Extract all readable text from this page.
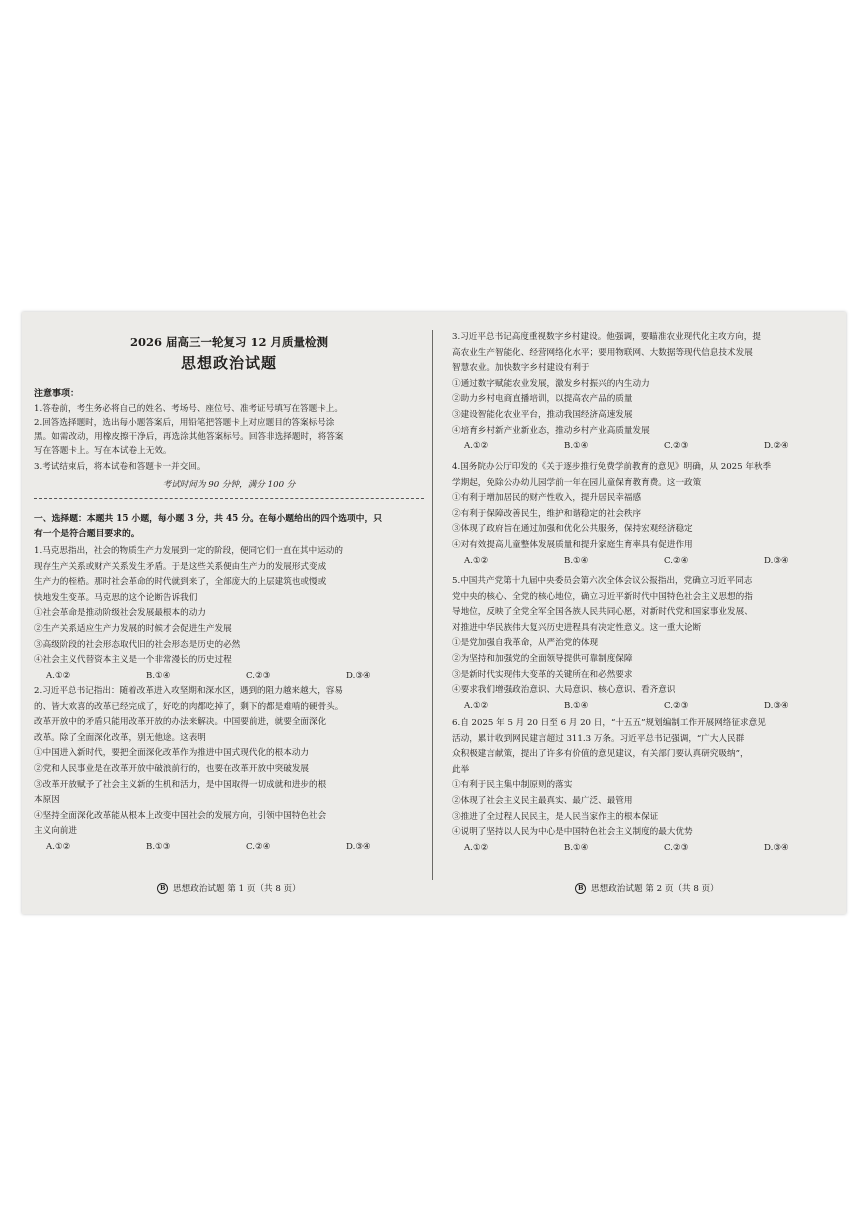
2026 届高三一轮复习 12 月质量检测
思想政治试题
注意事项：
1.答卷前，考生务必将自己的姓名、考场号、座位号、准考证号填写在答题卡上。
2.回答选择题时，选出每小题答案后，用铅笔把答题卡上对应题目的答案标号涂
黑。如需改动，用橡皮擦干净后，再选涂其他答案标号。回答非选择题时，将答案
写在答题卡上。写在本试卷上无效。
3.考试结束后，将本试卷和答题卡一并交回。
考试时间为 90 分钟，满分 100 分
一、选择题：本题共 15 小题，每小题 3 分，共 45 分。在每小题给出的四个选项中，只
有一个是符合题目要求的。

1.马克思指出，社会的物质生产力发展到一定的阶段，便同它们一直在其中运动的

现存生产关系或财产关系发生矛盾。于是这些关系便由生产力的发展形式变成

生产力的桎梏。那时社会革命的时代就到来了，全部庞大的上层建筑也或慢或

快地发生变革。马克思的这个论断告诉我们

①社会革命是推动阶级社会发展最根本的动力

②生产关系适应生产力发展的时候才会促进生产发展

③高级阶段的社会形态取代旧的社会形态是历史的必然

④社会主义代替资本主义是一个非常漫长的历史过程

A.①②	B.①④	C.②③	D.③④

2.习近平总书记指出：随着改革进入攻坚期和深水区，遇到的阻力越来越大，容易

的、皆大欢喜的改革已经完成了，好吃的肉都吃掉了，剩下的都是难啃的硬骨头。

改革开放中的矛盾只能用改革开放的办法来解决。中国要前进，就要全面深化

改革。除了全面深化改革，别无他途。这表明

①中国进入新时代，要把全面深化改革作为推进中国式现代化的根本动力

②党和人民事业是在改革开放中破浪前行的，也要在改革开放中突破发展

③改革开放赋予了社会主义新的生机和活力，是中国取得一切成就和进步的根

本原因

④坚持全面深化改革能从根本上改变中国社会的发展方向，引领中国特色社会

主义向前进

A.①②	B.①③	C.②④	D.③④
B 思想政治试题 第 1 页（共 8 页）

3.习近平总书记高度重视数字乡村建设。他强调，要瞄准农业现代化主攻方向，提

高农业生产智能化、经营网络化水平；要用物联网、大数据等现代信息技术发展

智慧农业。加快数字乡村建设有利于

①通过数字赋能农业发展，激发乡村振兴的内生动力

②助力乡村电商直播培训，以提高农产品的质量

③建设智能化农业平台，推动我国经济高速发展

④培育乡村新产业新业态，推动乡村产业高质量发展

A.①②	B.①④	C.②③	D.②④

4.国务院办公厅印发的《关于逐步推行免费学前教育的意见》明确，从 2025 年秋季

学期起，免除公办幼儿园学前一年在园儿童保育教育费。这一政策

①有利于增加居民的财产性收入，提升居民幸福感

②有利于保障改善民生，维护和谐稳定的社会秩序

③体现了政府旨在通过加强和优化公共服务，保持宏观经济稳定

④对有效提高儿童整体发展质量和提升家庭生育率具有促进作用

A.①②	B.①④	C.②④	D.③④

5.中国共产党第十九届中央委员会第六次全体会议公报指出，党确立习近平同志

党中央的核心、全党的核心地位，确立习近平新时代中国特色社会主义思想的指

导地位，反映了全党全军全国各族人民共同心愿，对新时代党和国家事业发展、

对推进中华民族伟大复兴历史进程具有决定性意义。这一重大论断

①是党加强自我革命，从严治党的体现

②为坚持和加强党的全面领导提供可靠制度保障

③是新时代实现伟大变革的关键所在和必然要求

④要求我们增强政治意识、大局意识、核心意识、看齐意识

A.①②	B.①④	C.②③	D.③④

6.自 2025 年 5 月 20 日至 6 月 20 日，“十五五”规划编制工作开展网络征求意见

活动，累计收到网民建言超过 311.3 万条。习近平总书记强调，“广大人民群

众积极建言献策，提出了许多有价值的意见建议，有关部门要认真研究吸纳”，

此举

①有利于民主集中制原则的落实

②体现了社会主义民主最真实、最广泛、最管用

③推进了全过程人民民主，是人民当家作主的根本保证

④说明了坚持以人民为中心是中国特色社会主义制度的最大优势

A.①②	B.①④	C.②③	D.③④
B 思想政治试题 第 2 页（共 8 页）
